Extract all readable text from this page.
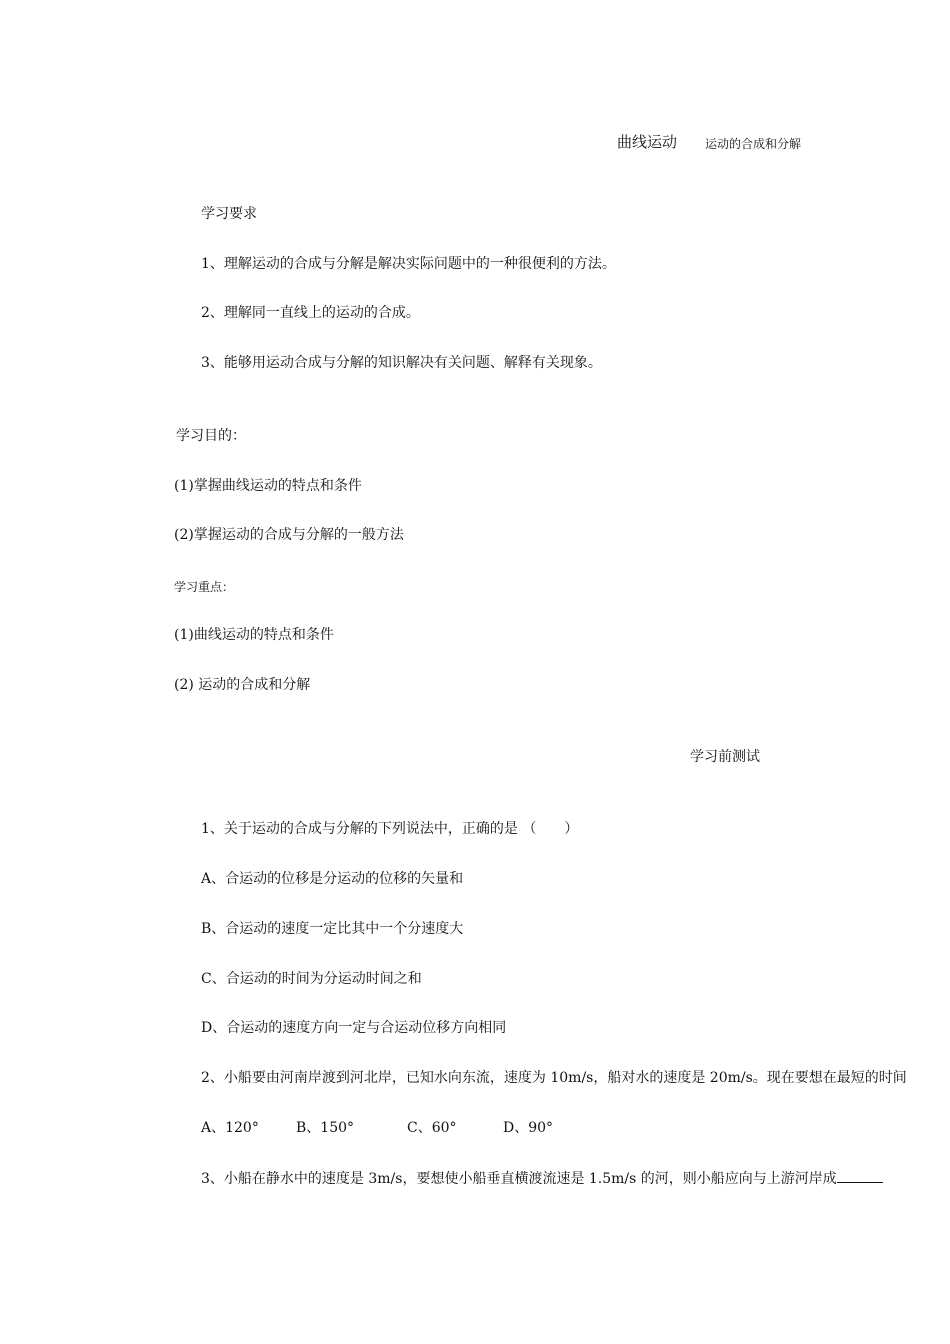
曲线运动 运动的合成和分解
学习要求
1、理解运动的合成与分解是解决实际问题中的一种很便利的方法。
2、理解同一直线上的运动的合成。
3、能够用运动合成与分解的知识解决有关问题、解释有关现象。
学习目的：
(1)掌握曲线运动的特点和条件
(2)掌握运动的合成与分解的一般方法
学习重点：
(1)曲线运动的特点和条件
(2) 运动的合成和分解
学习前测试
1、关于运动的合成与分解的下列说法中，正确的是 （　　）
A、合运动的位移是分运动的位移的矢量和
B、合运动的速度一定比其中一个分速度大
C、合运动的时间为分运动时间之和
D、合运动的速度方向一定与合运动位移方向相同
2、小船要由河南岸渡到河北岸，已知水向东流，速度为 10m/s，船对水的速度是 20m/s。现在要想在最短的时间
A、120°	B、150°	C、60°	D、90°
3、小船在静水中的速度是 3m/s，要想使小船垂直横渡流速是 1.5m/s 的河，则小船应向与上游河岸成
